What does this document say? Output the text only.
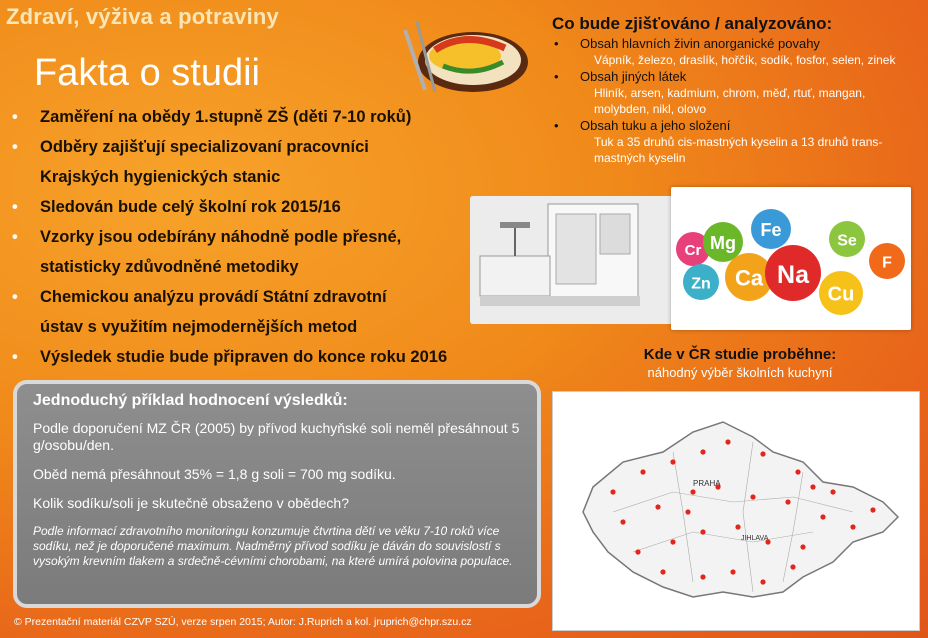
Zdraví, výživa a potraviny
Fakta o studii
• Zaměření na obědy 1.stupně ZŠ (děti 7-10 roků)
• Odběry zajišťují specializovaní pracovníci
Krajských hygienických stanic
• Sledován bude celý školní rok 2015/16
• Vzorky jsou odebírány náhodně podle přesné,
statisticky zdůvodněné metodiky
• Chemickou analýzu provádí Státní zdravotní
ústav s využitím nejmodernějších metod
• Výsledek studie bude připraven do konce roku 2016
Co bude zjišťováno / analyzováno:
• Obsah hlavních živin anorganické povahy
Vápník, železo, draslík, hořčík, sodík, fosfor, selen, zinek
• Obsah jiných látek
Hliník, arsen, kadmium, chrom, měď, rtuť, mangan, molybden, nikl, olovo
• Obsah tuku a jeho složení
Tuk a 35 druhů cis-mastných kyselin a 13 druhů trans-mastných kyselin
Cr Mg
Fe
Se
Zn Ca Na	F
Cu
Kde v ČR studie proběhne:
náhodný výběr školních kuchyní
PRAHA
JIHLAVA
Jednoduchý příklad hodnocení výsledků:

Podle doporučení MZ ČR (2005) by přívod kuchyňské soli neměl přesáhnout 5 g/osobu/den.

Oběd nemá přesáhnout 35% = 1,8 g soli = 700 mg sodíku.

Kolik sodíku/soli je skutečně obsaženo v obědech?

Podle informací zdravotního monitoringu konzumuje čtvrtina dětí ve věku 7-10 roků více sodíku, než je doporučené maximum. Nadměrný přívod sodíku je dáván do souvislostí s vysokým krevním tlakem a srdečně-cévními chorobami, na které umírá polovina populace.

© Prezentační materiál CZVP SZÚ, verze srpen 2015; Autor: J.Ruprich a kol. jruprich@chpr.szu.cz
